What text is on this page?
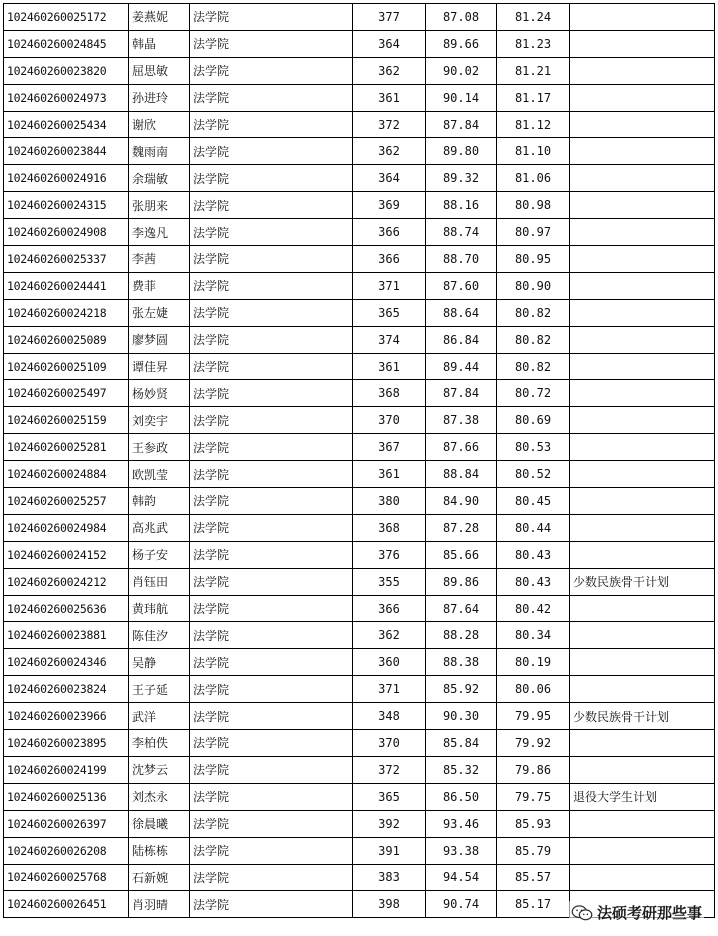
102460260025172	姜燕妮	法学院	377	87.08	81.24	
102460260024845	韩晶	法学院	364	89.66	81.23	
102460260023820	屈思敏	法学院	362	90.02	81.21	
102460260024973	孙进玲	法学院	361	90.14	81.17	
102460260025434	谢欣	法学院	372	87.84	81.12	
102460260023844	魏雨南	法学院	362	89.80	81.10	
102460260024916	余瑞敏	法学院	364	89.32	81.06	
102460260024315	张朋来	法学院	369	88.16	80.98	
102460260024908	李逸凡	法学院	366	88.74	80.97	
102460260025337	李茜	法学院	366	88.70	80.95	
102460260024441	费菲	法学院	371	87.60	80.90	
102460260024218	张左婕	法学院	365	88.64	80.82	
102460260025089	廖梦圆	法学院	374	86.84	80.82	
102460260025109	谭佳昇	法学院	361	89.44	80.82	
102460260025497	杨妙贤	法学院	368	87.84	80.72	
102460260025159	刘奕宇	法学院	370	87.38	80.69	
102460260025281	王参政	法学院	367	87.66	80.53	
102460260024884	欧凯莹	法学院	361	88.84	80.52	
102460260025257	韩韵	法学院	380	84.90	80.45	
102460260024984	高兆武	法学院	368	87.28	80.44	
102460260024152	杨子安	法学院	376	85.66	80.43	
102460260024212	肖钰田	法学院	355	89.86	80.43	少数民族骨干计划
102460260025636	黄玮航	法学院	366	87.64	80.42	
102460260023881	陈佳汐	法学院	362	88.28	80.34	
102460260024346	吴静	法学院	360	88.38	80.19	
102460260023824	王子延	法学院	371	85.92	80.06	
102460260023966	武洋	法学院	348	90.30	79.95	少数民族骨干计划
102460260023895	李柏佚	法学院	370	85.84	79.92	
102460260024199	沈梦云	法学院	372	85.32	79.86	
102460260025136	刘杰永	法学院	365	86.50	79.75	退役大学生计划
102460260026397	徐晨曦	法学院	392	93.46	85.93	
102460260026208	陆栋栋	法学院	391	93.38	85.79	
102460260025768	石新婉	法学院	383	94.54	85.57	
102460260026451	肖羽晴	法学院	398	90.74	85.17		法硕考研那些事
